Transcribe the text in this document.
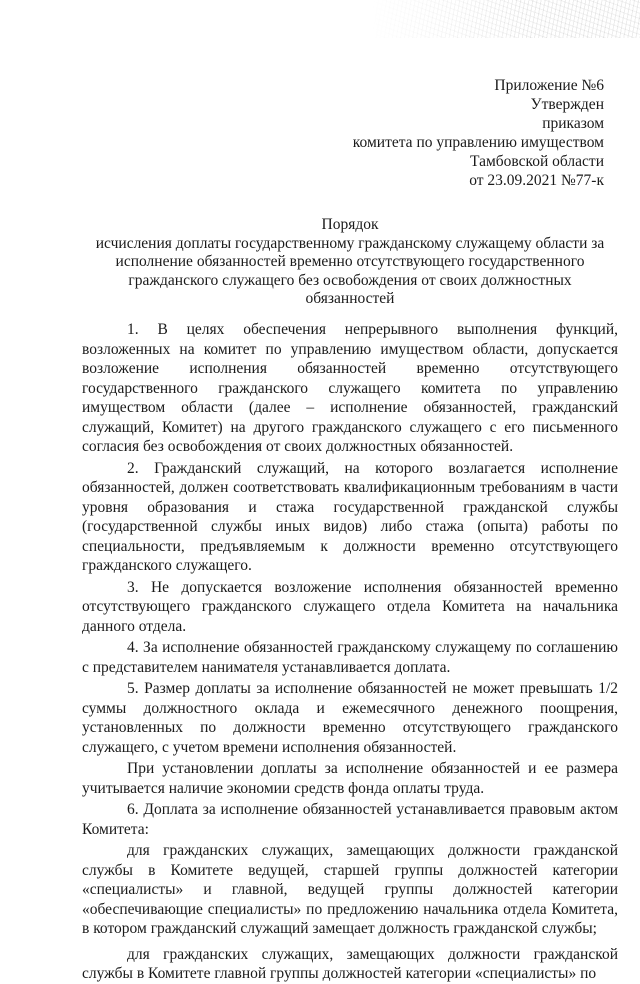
Приложение №6
Утвержден
приказом
комитета по управлению имуществом
Тамбовской области
от 23.09.2021 №77-к
Порядок
исчисления доплаты государственному гражданскому служащему области за
исполнение обязанностей временно отсутствующего государственного
гражданского служащего без освобождения от своих должностных
обязанностей

1. В целях обеспечения непрерывного выполнения функций, возложенных на комитет по управлению имуществом области, допускается возложение исполнения обязанностей временно отсутствующего государственного гражданского служащего комитета по управлению имуществом области (далее – исполнение обязанностей, гражданский служащий, Комитет) на другого гражданского служащего с его письменного согласия без освобождения от своих должностных обязанностей.

2. Гражданский служащий, на которого возлагается исполнение обязанностей, должен соответствовать квалификационным требованиям в части уровня образования и стажа государственной гражданской службы (государственной службы иных видов) либо стажа (опыта) работы по специальности, предъявляемым к должности временно отсутствующего гражданского служащего.

3. Не допускается возложение исполнения обязанностей временно отсутствующего гражданского служащего отдела Комитета на начальника данного отдела.

4. За исполнение обязанностей гражданскому служащему по соглашению с представителем нанимателя устанавливается доплата.

5. Размер доплаты за исполнение обязанностей не может превышать 1/2 суммы должностного оклада и ежемесячного денежного поощрения, установленных по должности временно отсутствующего гражданского служащего, с учетом времени исполнения обязанностей.

При установлении доплаты за исполнение обязанностей и ее размера учитывается наличие экономии средств фонда оплаты труда.

6. Доплата за исполнение обязанностей устанавливается правовым актом Комитета:

для гражданских служащих, замещающих должности гражданской службы в Комитете ведущей, старшей группы должностей категории «специалисты» и главной, ведущей группы должностей категории «обеспечивающие специалисты» по предложению начальника отдела Комитета, в котором гражданский служащий замещает должность гражданской службы;

для гражданских служащих, замещающих должности гражданской службы в Комитете главной группы должностей категории «специалисты» по
